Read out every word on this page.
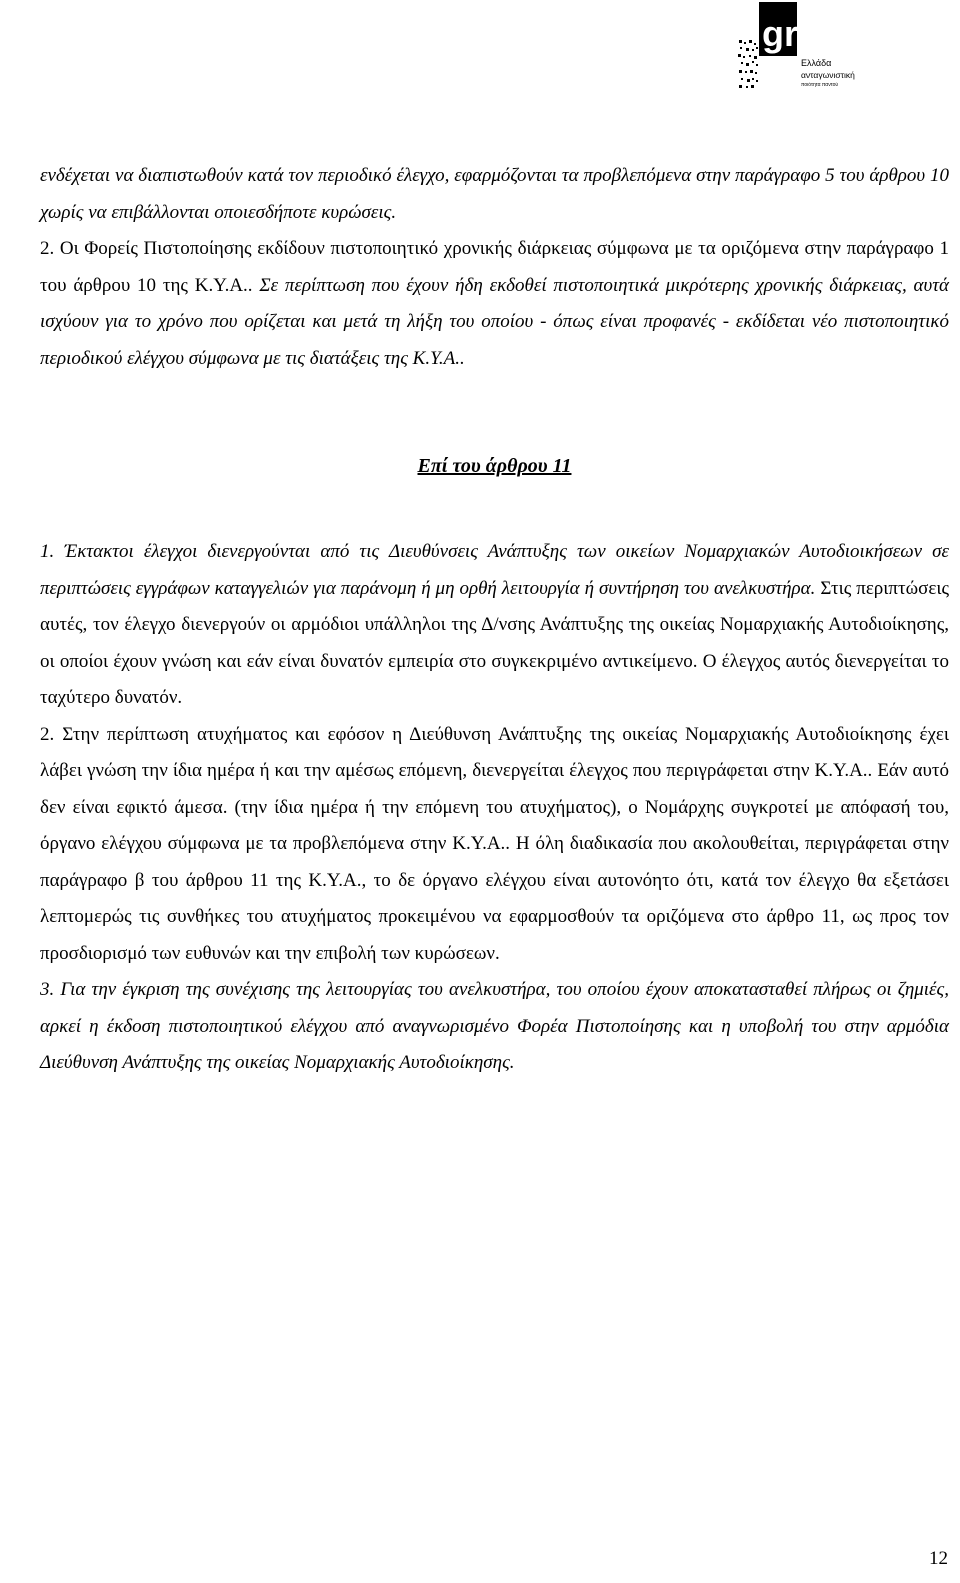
gr
Ελλάδα
ανταγωνιστική
ποιότητα παντού

ενδέχεται να διαπιστωθούν κατά τον περιοδικό έλεγχο, εφαρμόζονται τα προβλεπόμενα στην παράγραφο 5 του άρθρου 10 χωρίς να επιβάλλονται οποιεσδήποτε κυρώσεις.

2. Οι Φορείς Πιστοποίησης εκδίδουν πιστοποιητικό χρονικής διάρκειας σύμφωνα με τα οριζόμενα στην παράγραφο 1 του άρθρου 10 της Κ.Υ.Α.. Σε περίπτωση που έχουν ήδη εκδοθεί πιστοποιητικά μικρότερης χρονικής διάρκειας, αυτά ισχύουν για το χρόνο που ορίζεται και μετά τη λήξη του οποίου - όπως είναι προφανές - εκδίδεται νέο πιστοποιητικό περιοδικού ελέγχου σύμφωνα με τις διατάξεις της Κ.Υ.Α..

Επί του άρθρου 11

1. Έκτακτοι έλεγχοι διενεργούνται από τις Διευθύνσεις Ανάπτυξης των οικείων Νομαρχιακών Αυτοδιοικήσεων σε περιπτώσεις εγγράφων καταγγελιών για παράνομη ή μη ορθή λειτουργία ή συντήρηση του ανελκυστήρα. Στις περιπτώσεις αυτές, τον έλεγχο διενεργούν οι αρμόδιοι υπάλληλοι της Δ/νσης Ανάπτυξης της οικείας Νομαρχιακής Αυτοδιοίκησης, οι οποίοι έχουν γνώση και εάν είναι δυνατόν εμπειρία στο συγκεκριμένο αντικείμενο. Ο έλεγχος αυτός διενεργείται το ταχύτερο δυνατόν.

2. Στην περίπτωση ατυχήματος και εφόσον η Διεύθυνση Ανάπτυξης της οικείας Νομαρχιακής Αυτοδιοίκησης έχει λάβει γνώση την ίδια ημέρα ή και την αμέσως επόμενη, διενεργείται έλεγχος που περιγράφεται στην Κ.Υ.Α.. Εάν αυτό δεν είναι εφικτό άμεσα. (την ίδια ημέρα ή την επόμενη του ατυχήματος), ο Νομάρχης συγκροτεί με απόφασή του, όργανο ελέγχου σύμφωνα με τα προβλεπόμενα στην Κ.Υ.Α.. Η όλη διαδικασία που ακολουθείται, περιγράφεται στην παράγραφο β του άρθρου 11 της Κ.Υ.Α., το δε όργανο ελέγχου είναι αυτονόητο ότι, κατά τον έλεγχο θα εξετάσει λεπτομερώς τις συνθήκες του ατυχήματος προκειμένου να εφαρμοσθούν τα οριζόμενα στο άρθρο 11, ως προς τον προσδιορισμό των ευθυνών και την επιβολή των κυρώσεων.

3. Για την έγκριση της συνέχισης της λειτουργίας του ανελκυστήρα, του οποίου έχουν αποκατασταθεί πλήρως οι ζημιές, αρκεί η έκδοση πιστοποιητικού ελέγχου από αναγνωρισμένο Φορέα Πιστοποίησης και η υποβολή του στην αρμόδια Διεύθυνση Ανάπτυξης της οικείας Νομαρχιακής Αυτοδιοίκησης.

12
